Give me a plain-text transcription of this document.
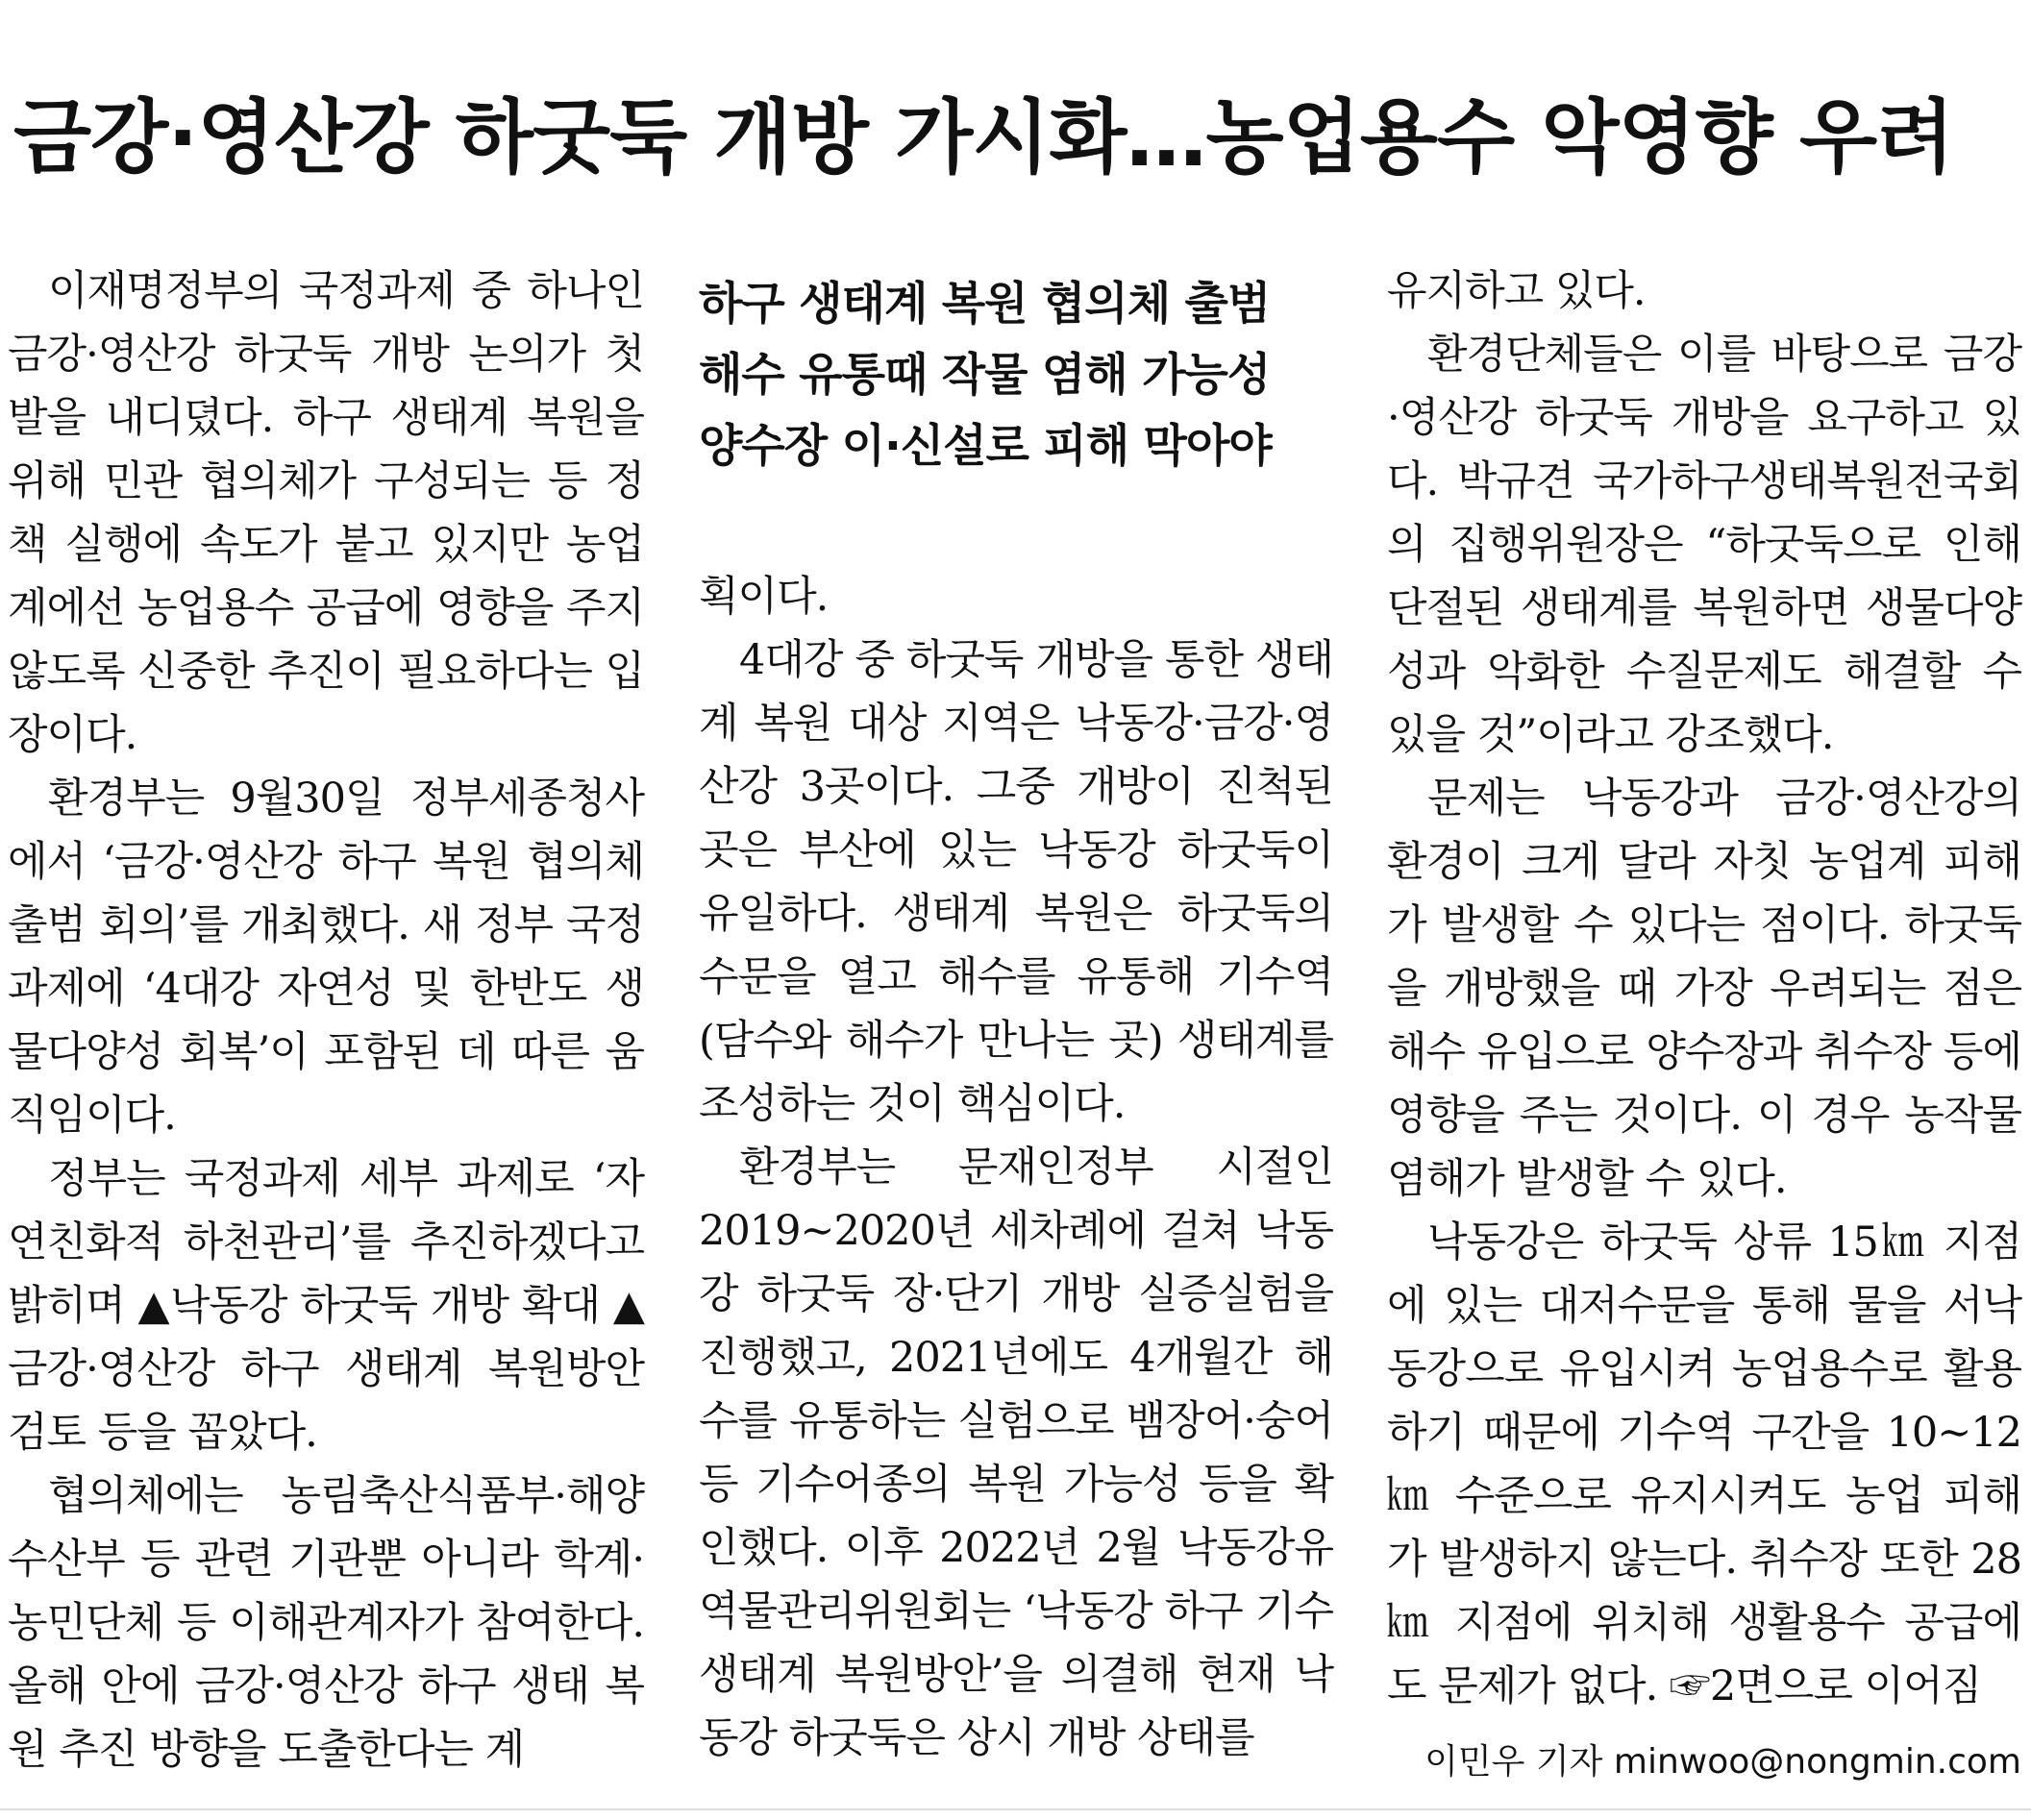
금강·영산강 하굿둑 개방 가시화…농업용수 악영향 우려

이재명정부의 국정과제 중 하나인 금강·영산강 하굿둑 개방 논의가 첫발을 내디뎠다. 하구 생태계 복원을 위해 민관 협의체가 구성되는 등 정책 실행에 속도가 붙고 있지만 농업계에선 농업용수 공급에 영향을 주지 않도록 신중한 추진이 필요하다는 입장이다.

환경부는 9월30일 정부세종청사에서 ‘금강·영산강 하구 복원 협의체 출범 회의’를 개최했다. 새 정부 국정과제에 ‘4대강 자연성 및 한반도 생물다양성 회복’이 포함된 데 따른 움직임이다.

정부는 국정과제 세부 과제로 ‘자연친화적 하천관리’를 추진하겠다고 밝히며 ▲낙동강 하굿둑 개방 확대 ▲금강·영산강 하구 생태계 복원방안 검토 등을 꼽았다.

협의체에는 농림축산식품부·해양수산부 등 관련 기관뿐 아니라 학계·농민단체 등 이해관계자가 참여한다. 올해 안에 금강·영산강 하구 생태 복원 추진 방향을 도출한다는 계

하구 생태계 복원 협의체 출범
해수 유통때 작물 염해 가능성
양수장 이·신설로 피해 막아야

획이다.

4대강 중 하굿둑 개방을 통한 생태계 복원 대상 지역은 낙동강·금강·영산강 3곳이다. 그중 개방이 진척된 곳은 부산에 있는 낙동강 하굿둑이 유일하다. 생태계 복원은 하굿둑의 수문을 열고 해수를 유통해 기수역(담수와 해수가 만나는 곳) 생태계를 조성하는 것이 핵심이다.

환경부는 문재인정부 시절인 2019∼2020년 세차례에 걸쳐 낙동강 하굿둑 장·단기 개방 실증실험을 진행했고, 2021년에도 4개월간 해수를 유통하는 실험으로 뱀장어·숭어 등 기수어종의 복원 가능성 등을 확인했다. 이후 2022년 2월 낙동강유역물관리위원회는 ‘낙동강 하구 기수 생태계 복원방안’을 의결해 현재 낙동강 하굿둑은 상시 개방 상태를

유지하고 있다.

환경단체들은 이를 바탕으로 금강·영산강 하굿둑 개방을 요구하고 있다. 박규견 국가하구생태복원전국회의 집행위원장은 “하굿둑으로 인해 단절된 생태계를 복원하면 생물다양성과 악화한 수질문제도 해결할 수 있을 것”이라고 강조했다.

문제는 낙동강과 금강·영산강의 환경이 크게 달라 자칫 농업계 피해가 발생할 수 있다는 점이다. 하굿둑을 개방했을 때 가장 우려되는 점은 해수 유입으로 양수장과 취수장 등에 영향을 주는 것이다. 이 경우 농작물 염해가 발생할 수 있다.

낙동강은 하굿둑 상류 15㎞ 지점에 있는 대저수문을 통해 물을 서낙동강으로 유입시켜 농업용수로 활용하기 때문에 기수역 구간을 10∼12㎞ 수준으로 유지시켜도 농업 피해가 발생하지 않는다. 취수장 또한 28㎞ 지점에 위치해 생활용수 공급에도 문제가 없다. ☞2면으로 이어짐

이민우 기자 minwoo@nongmin.com
